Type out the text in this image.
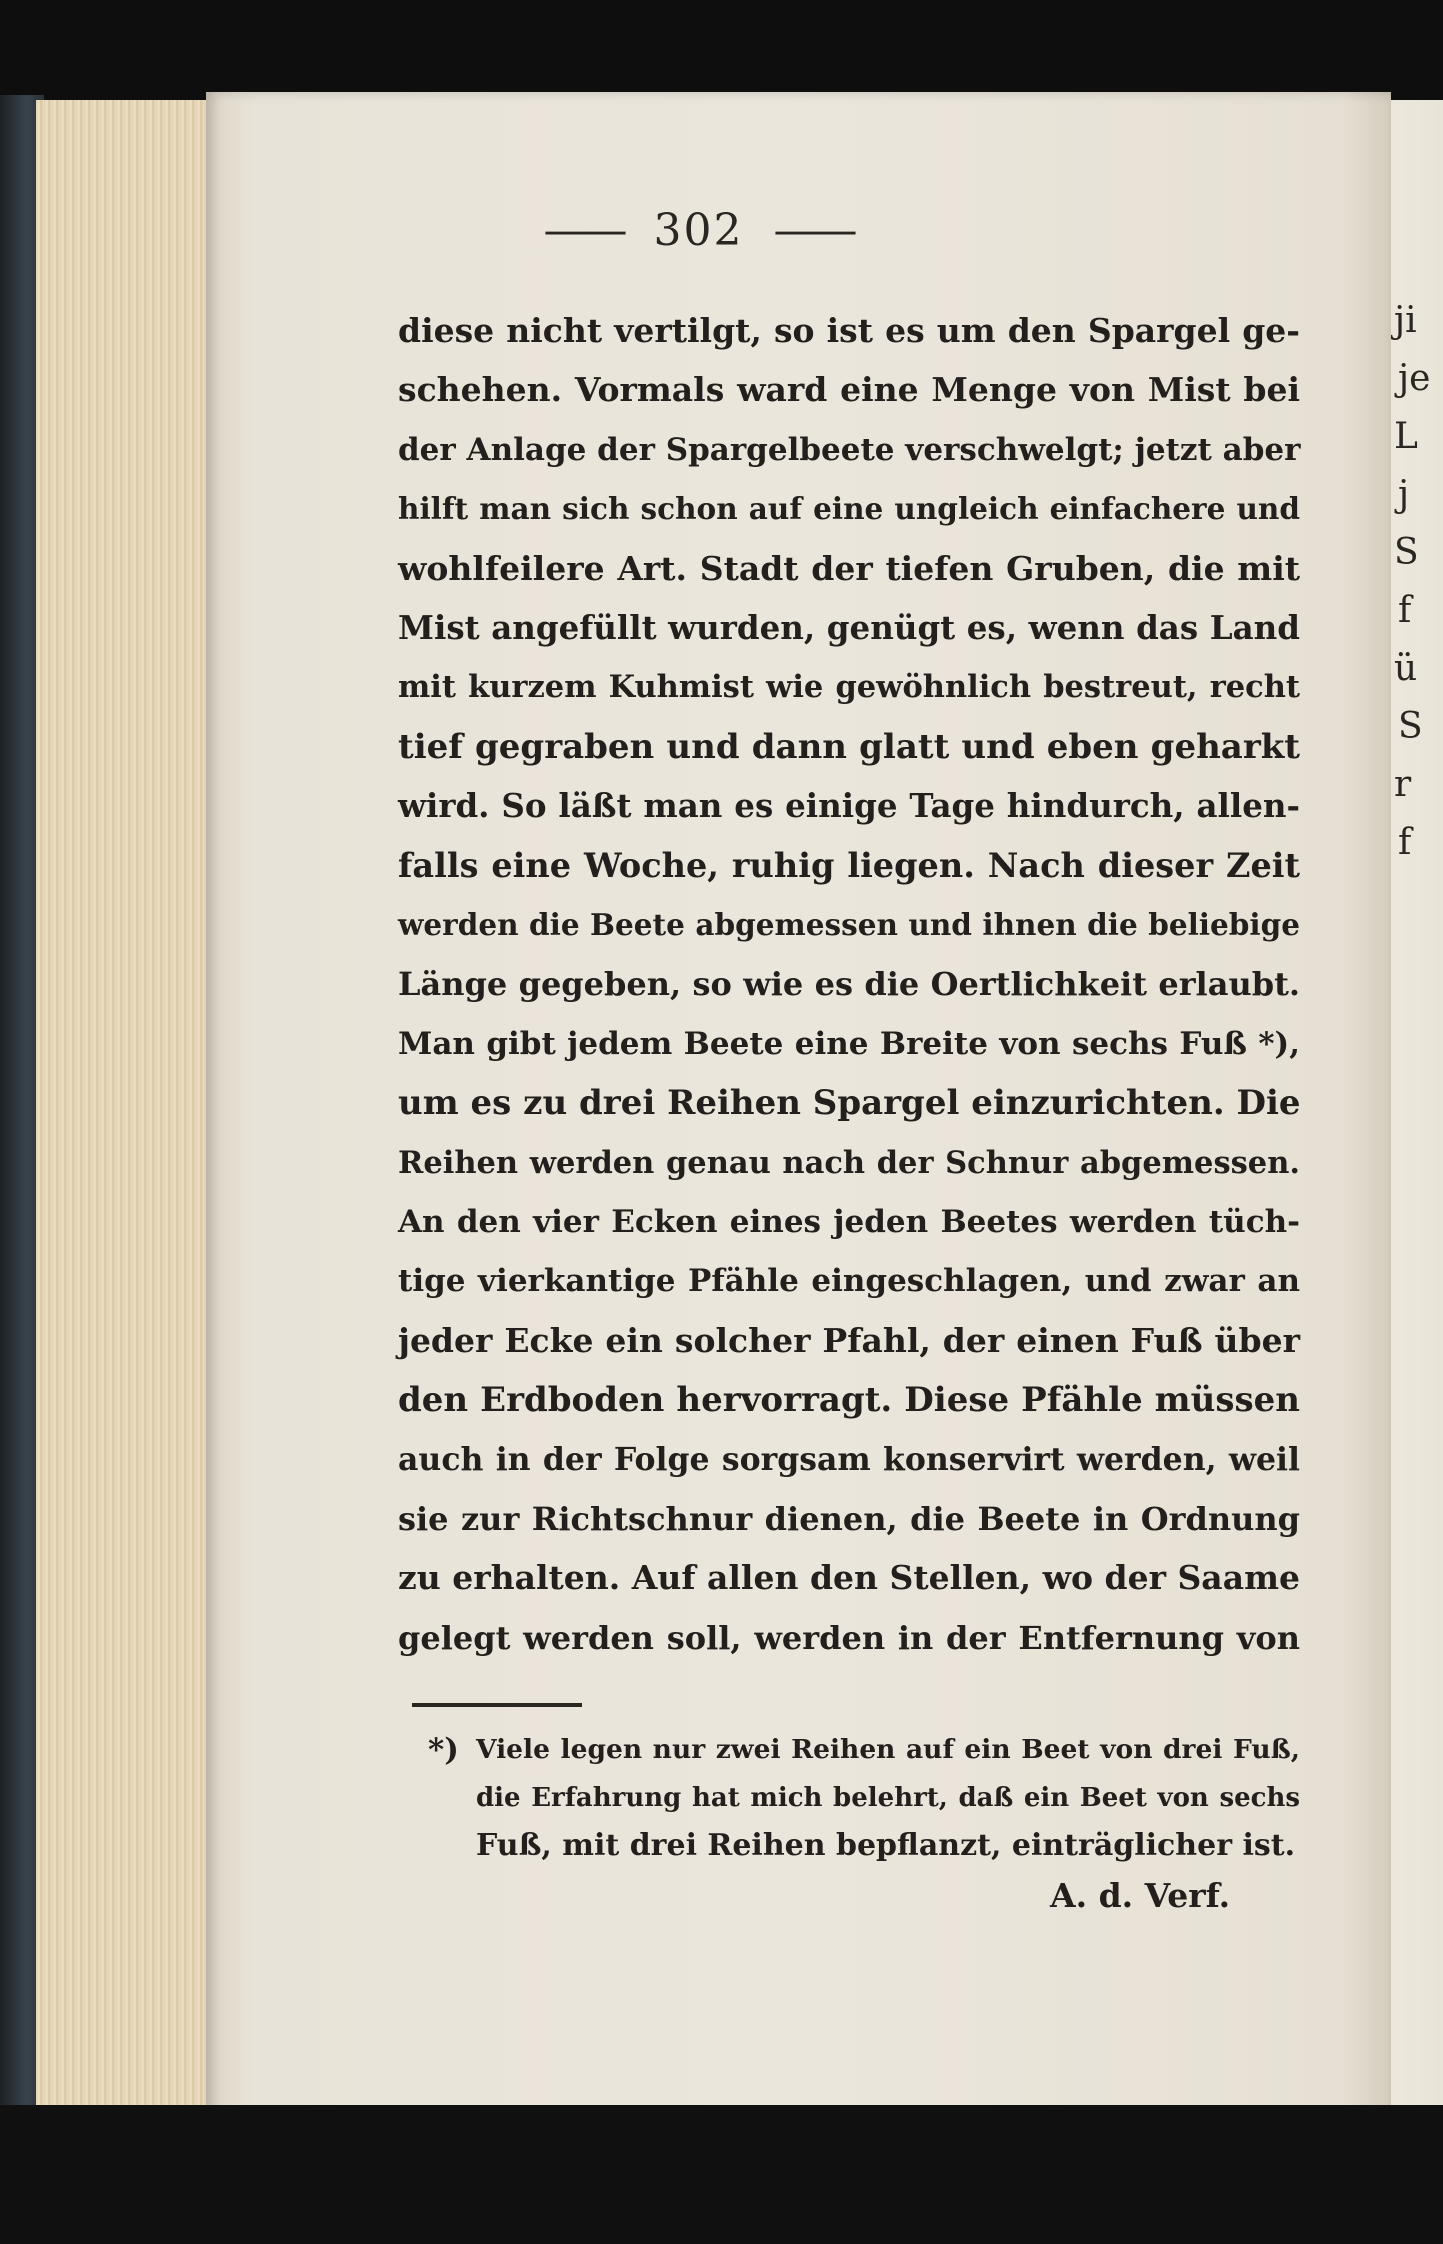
ji
je
L
j
S
f
ü
S
r
f
—— 302 ——
diese nicht vertilgt, so ist es um den Spargel ge-
schehen. Vormals ward eine Menge von Mist bei
der Anlage der Spargelbeete verschwelgt; jetzt aber
hilft man sich schon auf eine ungleich einfachere und
wohlfeilere Art. Stadt der tiefen Gruben, die mit
Mist angefüllt wurden, genügt es, wenn das Land
mit kurzem Kuhmist wie gewöhnlich bestreut, recht
tief gegraben und dann glatt und eben geharkt
wird. So läßt man es einige Tage hindurch, allen-
falls eine Woche, ruhig liegen. Nach dieser Zeit
werden die Beete abgemessen und ihnen die beliebige
Länge gegeben, so wie es die Oertlichkeit erlaubt.
Man gibt jedem Beete eine Breite von sechs Fuß *),
um es zu drei Reihen Spargel einzurichten. Die
Reihen werden genau nach der Schnur abgemessen.
An den vier Ecken eines jeden Beetes werden tüch-
tige vierkantige Pfähle eingeschlagen, und zwar an
jeder Ecke ein solcher Pfahl, der einen Fuß über
den Erdboden hervorragt. Diese Pfähle müssen
auch in der Folge sorgsam konservirt werden, weil
sie zur Richtschnur dienen, die Beete in Ordnung
zu erhalten. Auf allen den Stellen, wo der Saame
gelegt werden soll, werden in der Entfernung von
*) Viele legen nur zwei Reihen auf ein Beet von drei Fuß,
die Erfahrung hat mich belehrt, daß ein Beet von sechs
Fuß, mit drei Reihen bepflanzt, einträglicher ist.
A. d. Verf.
